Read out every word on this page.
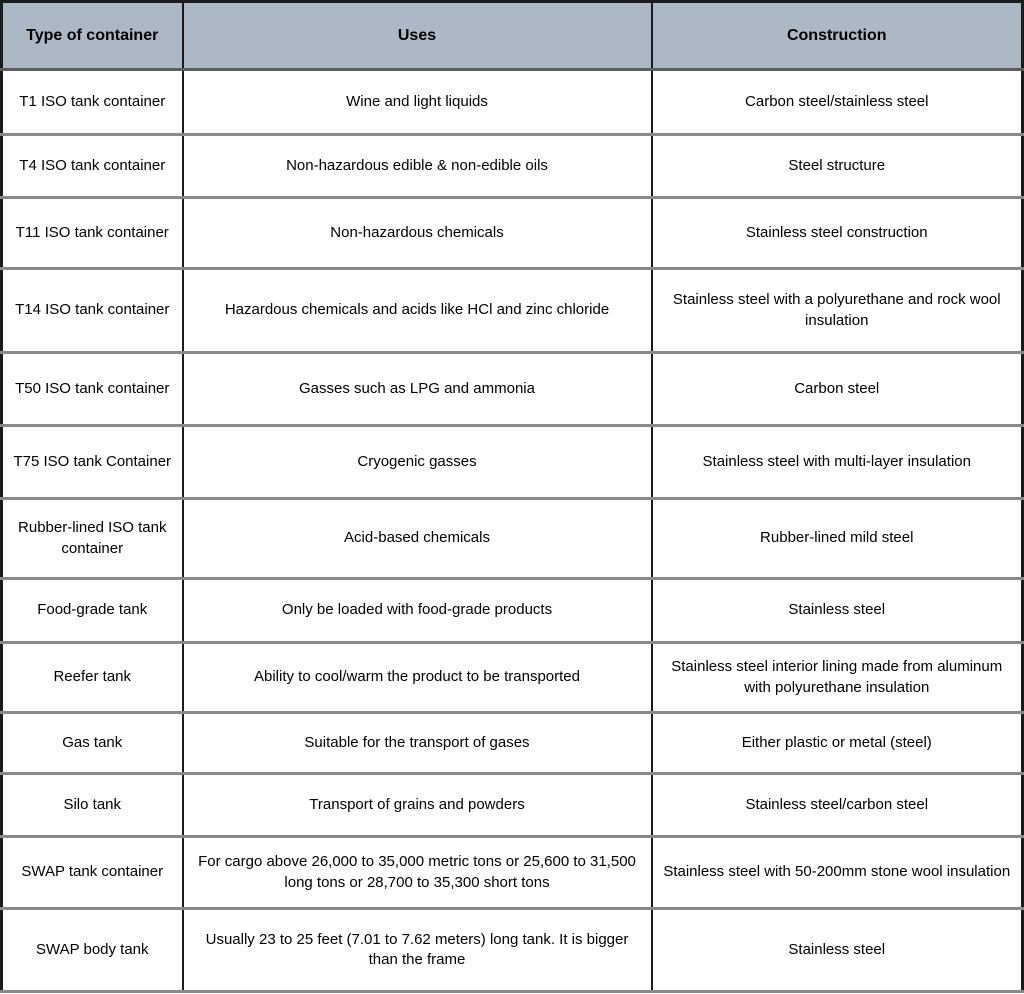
Type of container	Uses	Construction
T1 ISO tank container	Wine and light liquids	Carbon steel/stainless steel
T4 ISO tank container	Non-hazardous edible & non-edible oils	Steel structure
T11 ISO tank container	Non-hazardous chemicals	Stainless steel construction
T14 ISO tank container	Hazardous chemicals and acids like HCl and zinc chloride	Stainless steel with a polyurethane and rock wool insulation
T50 ISO tank container	Gasses such as LPG and ammonia	Carbon steel
T75 ISO tank Container	Cryogenic gasses	Stainless steel with multi-layer insulation
Rubber-lined ISO tank container	Acid-based chemicals	Rubber-lined mild steel
Food-grade tank	Only be loaded with food-grade products	Stainless steel
Reefer tank	Ability to cool/warm the product to be transported	Stainless steel interior lining made from aluminum with polyurethane insulation
Gas tank	Suitable for the transport of gases	Either plastic or metal (steel)
Silo tank	Transport of grains and powders	Stainless steel/carbon steel
SWAP tank container	For cargo above 26,000 to 35,000 metric tons or 25,600 to 31,500 long tons or 28,700 to 35,300 short tons	Stainless steel with 50-200mm stone wool insulation
SWAP body tank	Usually 23 to 25 feet (7.01 to 7.62 meters) long tank. It is bigger than the frame	Stainless steel
